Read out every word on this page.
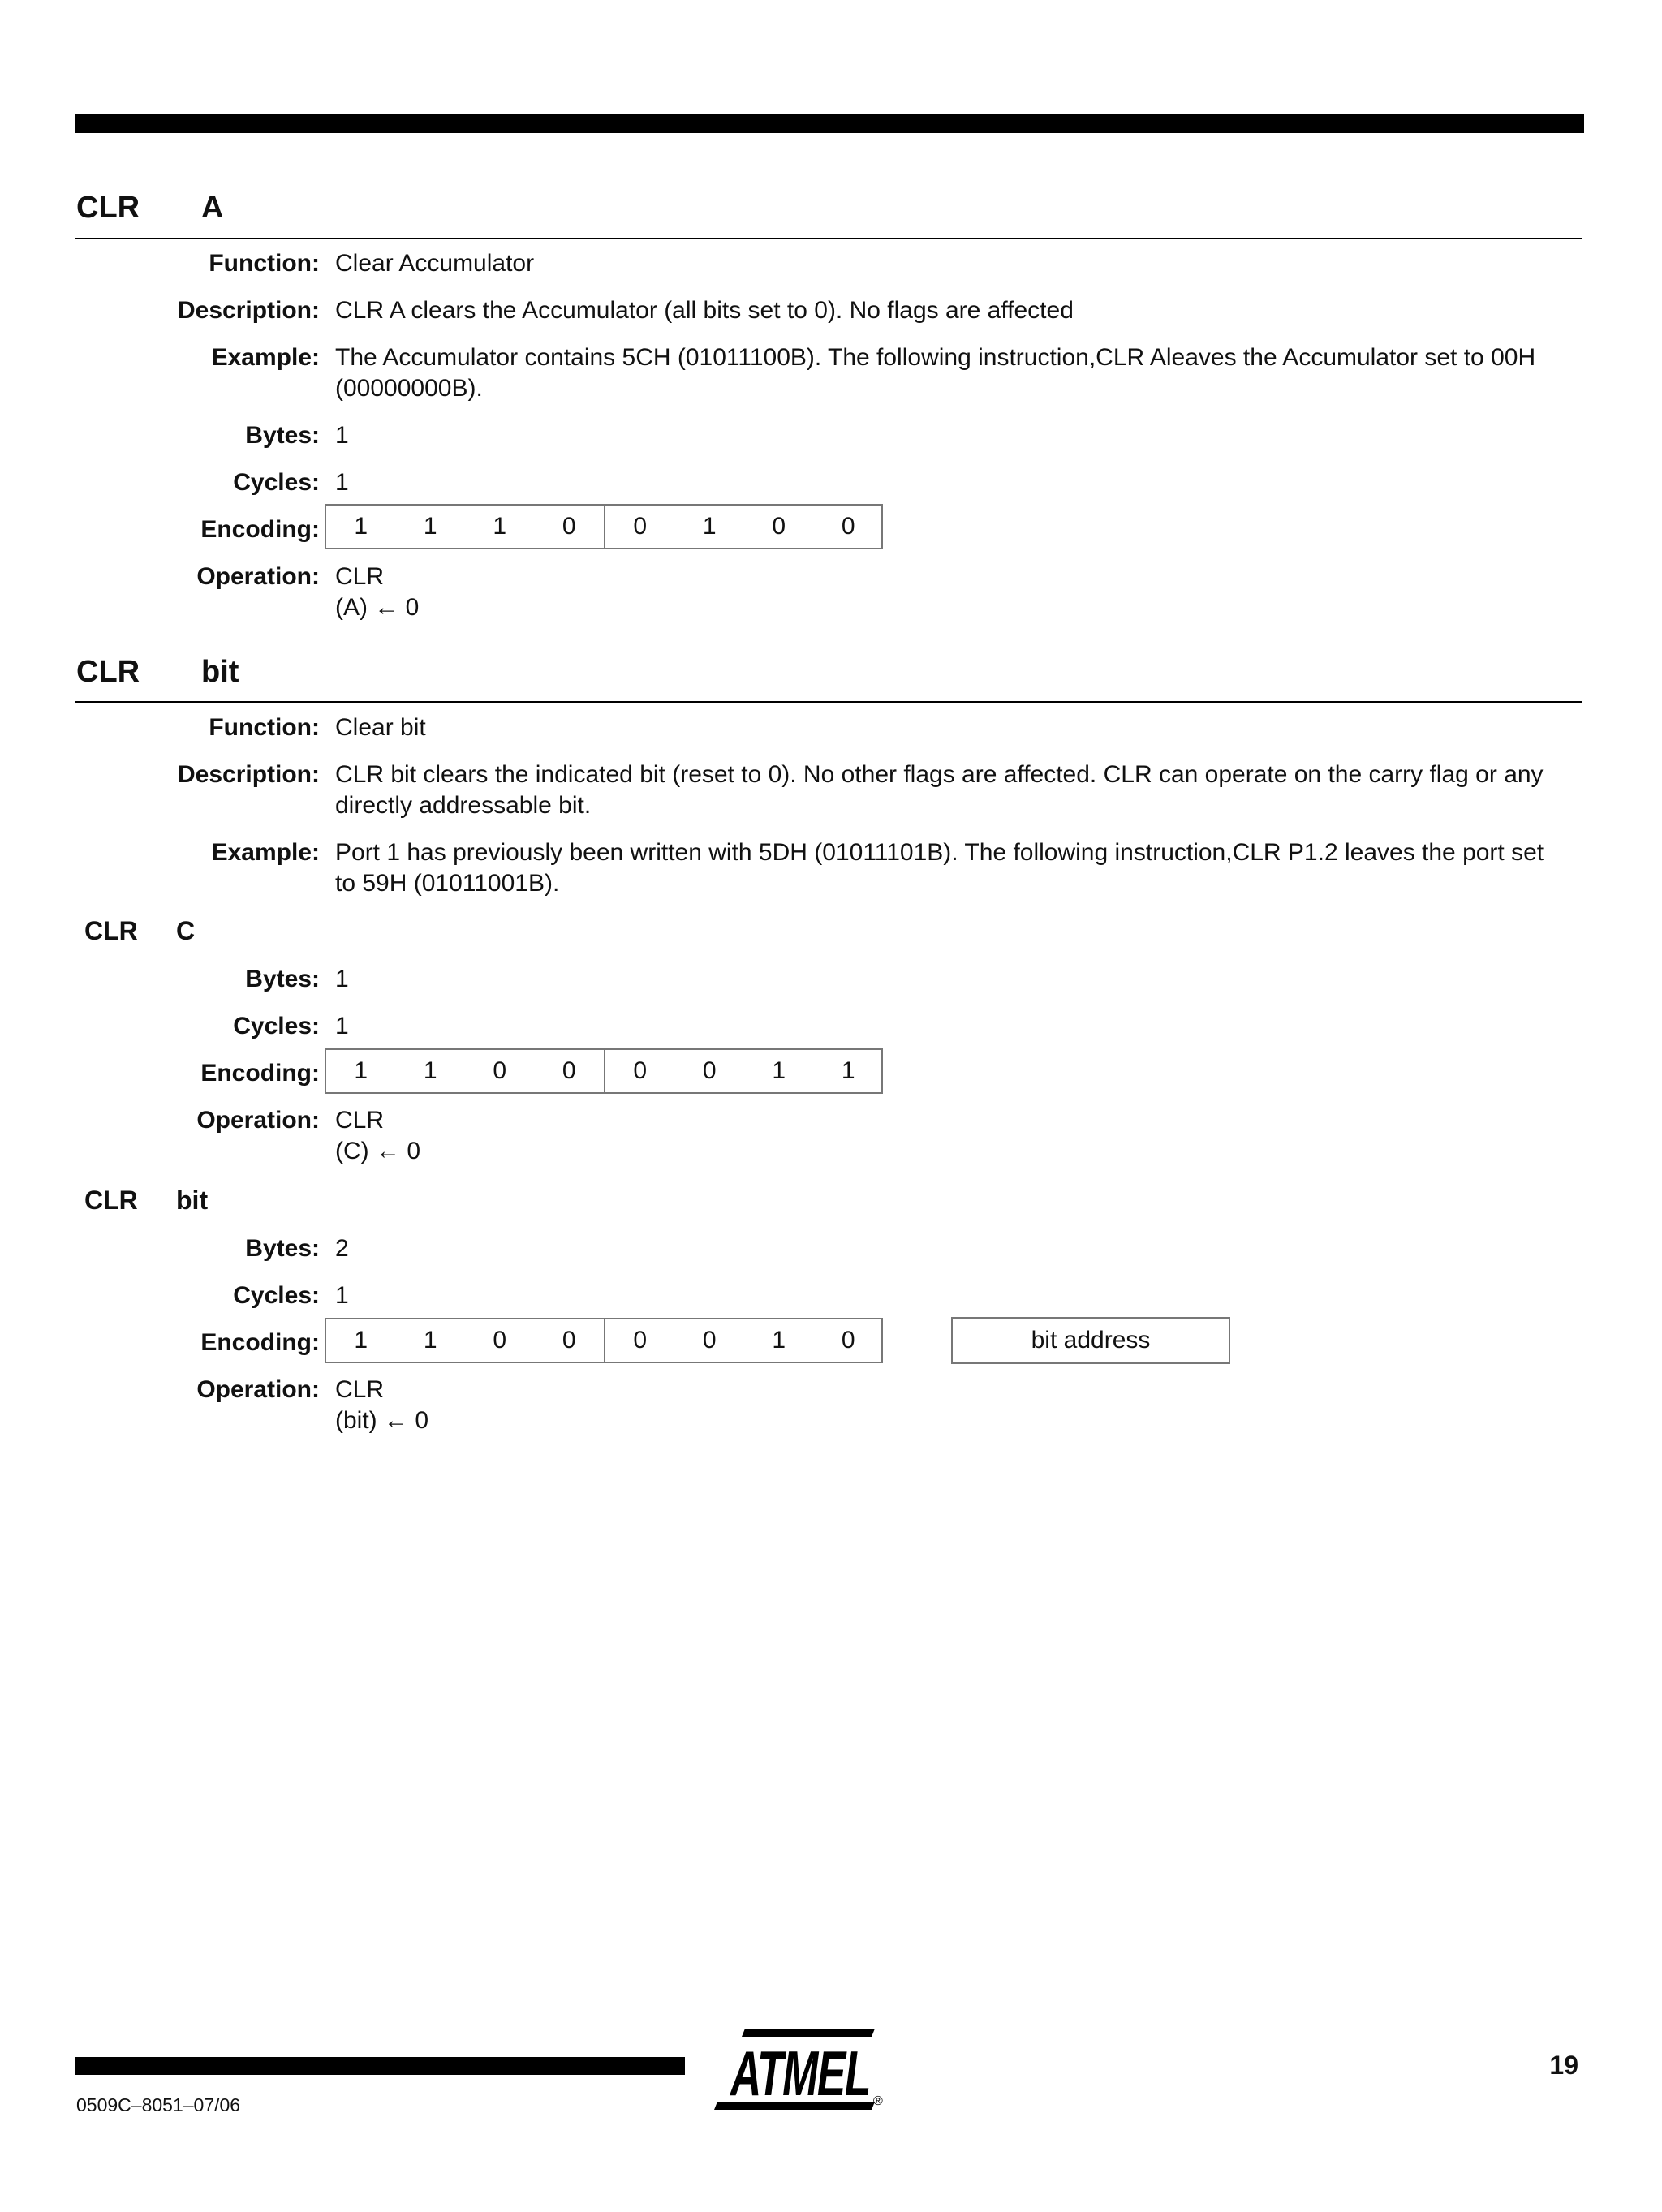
CLR A
Function: Clear Accumulator
Description: CLR A clears the Accumulator (all bits set to 0). No flags are affected
Example: The Accumulator contains 5CH (01011100B). The following instruction,CLR Aleaves the Accumulator set to 00H
(00000000B).
Bytes: 1
Cycles: 1
Encoding:	1	1	1	0	0	1	0	0
Operation: CLR
(A) ← 0
CLR bit
Function: Clear bit
Description: CLR bit clears the indicated bit (reset to 0). No other flags are affected. CLR can operate on the carry flag or any
directly addressable bit.
Example: Port 1 has previously been written with 5DH (01011101B). The following instruction,CLR P1.2 leaves the port set
to 59H (01011001B).
CLR C
Bytes: 1
Cycles: 1
Encoding:	1	1	0	0	0	0	1	1
Operation: CLR
(C) ← 0
CLR bit
Bytes: 2
Cycles: 1
Encoding:	1	1	0	0	0	0	1	0	bit address
Operation: CLR
(bit) ← 0
0509C–8051–07/06	ATMEL ®
19
